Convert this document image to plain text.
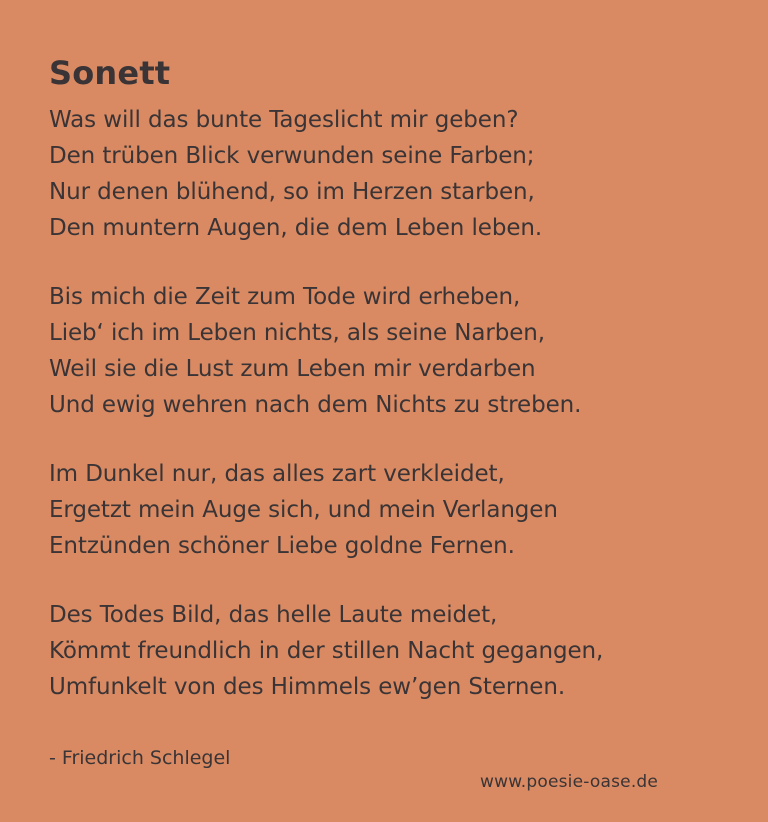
Sonett
Was will das bunte Tageslicht mir geben?
Den trüben Blick verwunden seine Farben;
Nur denen blühend, so im Herzen starben,
Den muntern Augen, die dem Leben leben.
Bis mich die Zeit zum Tode wird erheben,
Lieb‘ ich im Leben nichts, als seine Narben,
Weil sie die Lust zum Leben mir verdarben
Und ewig wehren nach dem Nichts zu streben.
Im Dunkel nur, das alles zart verkleidet,
Ergetzt mein Auge sich, und mein Verlangen
Entzünden schöner Liebe goldne Fernen.
Des Todes Bild, das helle Laute meidet,
Kömmt freundlich in der stillen Nacht gegangen,
Umfunkelt von des Himmels ew’gen Sternen.
- Friedrich Schlegel
www.poesie-oase.de
